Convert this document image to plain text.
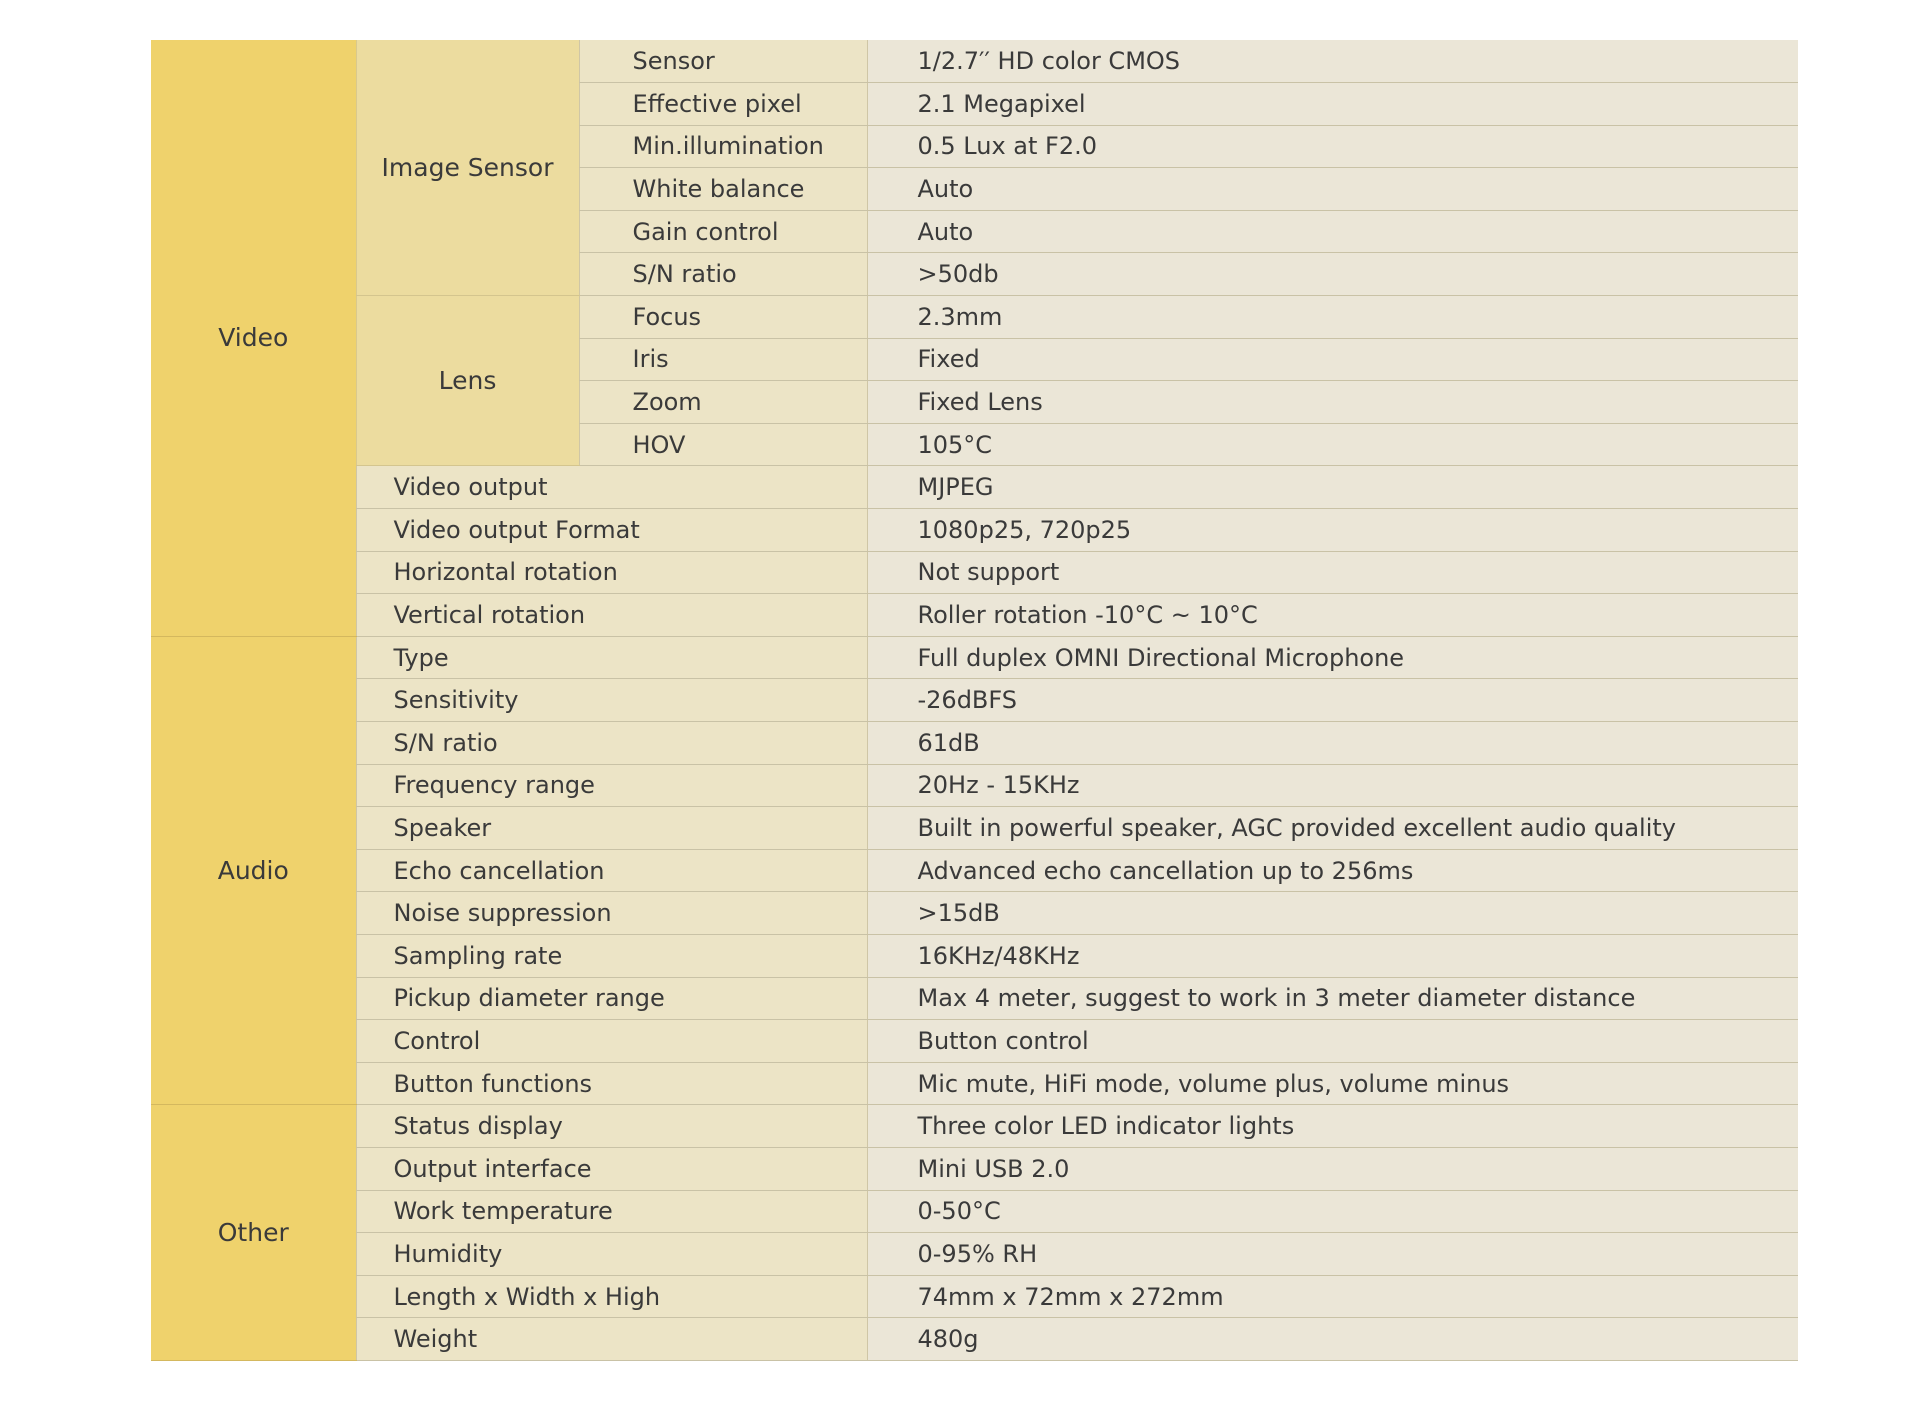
Video	Image Sensor	Sensor	1/2.7′′ HD color CMOS
		Effective pixel	2.1 Megapixel
		Min.illumination	0.5 Lux at F2.0
		White balance	Auto
		Gain control	Auto
		S/N ratio	>50db
	Lens	Focus	2.3mm
		Iris	Fixed
		Zoom	Fixed Lens
		HOV	105°C
	Video output		MJPEG
	Video output Format		1080p25, 720p25
	Horizontal rotation		Not support
	Vertical rotation		Roller rotation -10°C ~ 10°C
Audio	Type		Full duplex OMNI Directional Microphone
	Sensitivity		-26dBFS
	S/N ratio		61dB
	Frequency range		20Hz - 15KHz
	Speaker		Built in powerful speaker, AGC provided excellent audio quality
	Echo cancellation		Advanced echo cancellation up to 256ms
	Noise suppression		>15dB
	Sampling rate		16KHz/48KHz
	Pickup diameter range		Max 4 meter, suggest to work in 3 meter diameter distance
	Control		Button control
	Button functions		Mic mute, HiFi mode, volume plus, volume minus
Other	Status display		Three color LED indicator lights
	Output interface		Mini USB 2.0
	Work temperature		0-50°C
	Humidity		0-95% RH
	Length x Width x High		74mm x 72mm x 272mm
	Weight		480g
